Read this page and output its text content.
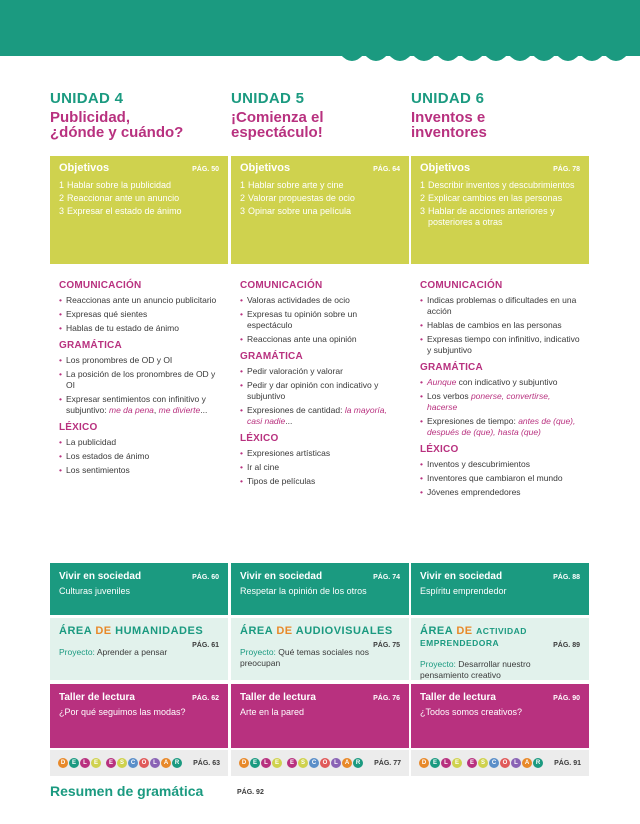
UNIDAD 4
Publicidad,
¿dónde y cuándo?
Objetivos	PÁG. 50
1 Hablar sobre la publicidad
2 Reaccionar ante un anuncio
3 Expresar el estado de ánimo
COMUNICACIÓN
• Reaccionas ante un anuncio publicitario
• Expresas qué sientes
• Hablas de tu estado de ánimo
GRAMÁTICA
• Los pronombres de OD y OI
• La posición de los pronombres de OD y OI
• Expresar sentimientos con infinitivo y subjuntivo: me da pena, me divierte...
LÉXICO
• La publicidad
• Los estados de ánimo
• Los sentimientos
Vivir en sociedad	PÁG. 60
Culturas juveniles
ÁREA DE HUMANIDADES
PÁG. 61
Proyecto: Aprender a pensar
Taller de lectura	PÁG. 62
¿Por qué seguimos las modas?
D	E	L	E	E	S	C	O	L	A	R	PÁG. 63
UNIDAD 5
¡Comienza el
espectáculo!
Objetivos	PÁG. 64
1 Hablar sobre arte y cine
2 Valorar propuestas de ocio
3 Opinar sobre una película
COMUNICACIÓN
• Valoras actividades de ocio
• Expresas tu opinión sobre un espectáculo
• Reaccionas ante una opinión
GRAMÁTICA
• Pedir valoración y valorar
• Pedir y dar opinión con indicativo y subjuntivo
• Expresiones de cantidad: la mayoría, casi nadie...
LÉXICO
• Expresiones artísticas
• Ir al cine
• Tipos de películas
Vivir en sociedad	PÁG. 74
Respetar la opinión de los otros
ÁREA DE AUDIOVISUALES
PÁG. 75
Proyecto: Qué temas sociales nos preocupan
Taller de lectura	PÁG. 76
Arte en la pared
D	E	L	E	E	S	C	O	L	A	R	PÁG. 77
UNIDAD 6
Inventos e
inventores
Objetivos	PÁG. 78
1 Describir inventos y descubrimientos
2 Explicar cambios en las personas
3 Hablar de acciones anteriores y posteriores a otras
COMUNICACIÓN
• Indicas problemas o dificultades en una acción
• Hablas de cambios en las personas
• Expresas tiempo con infinitivo, indicativo y subjuntivo
GRAMÁTICA
• Aunque con indicativo y subjuntivo
• Los verbos ponerse, convertirse, hacerse
• Expresiones de tiempo: antes de (que), después de (que), hasta (que)
LÉXICO
• Inventos y descubrimientos
• Inventores que cambiaron el mundo
• Jóvenes emprendedores
Vivir en sociedad	PÁG. 88
Espíritu emprendedor
ÁREA DE ACTIVIDAD EMPRENDEDORA	PÁG. 89
Proyecto: Desarrollar nuestro pensamiento creativo
Taller de lectura	PÁG. 90
¿Todos somos creativos?
D	E	L	E	E	S	C	O	L	A	R	PÁG. 91
Resumen de gramática	PÁG. 92
